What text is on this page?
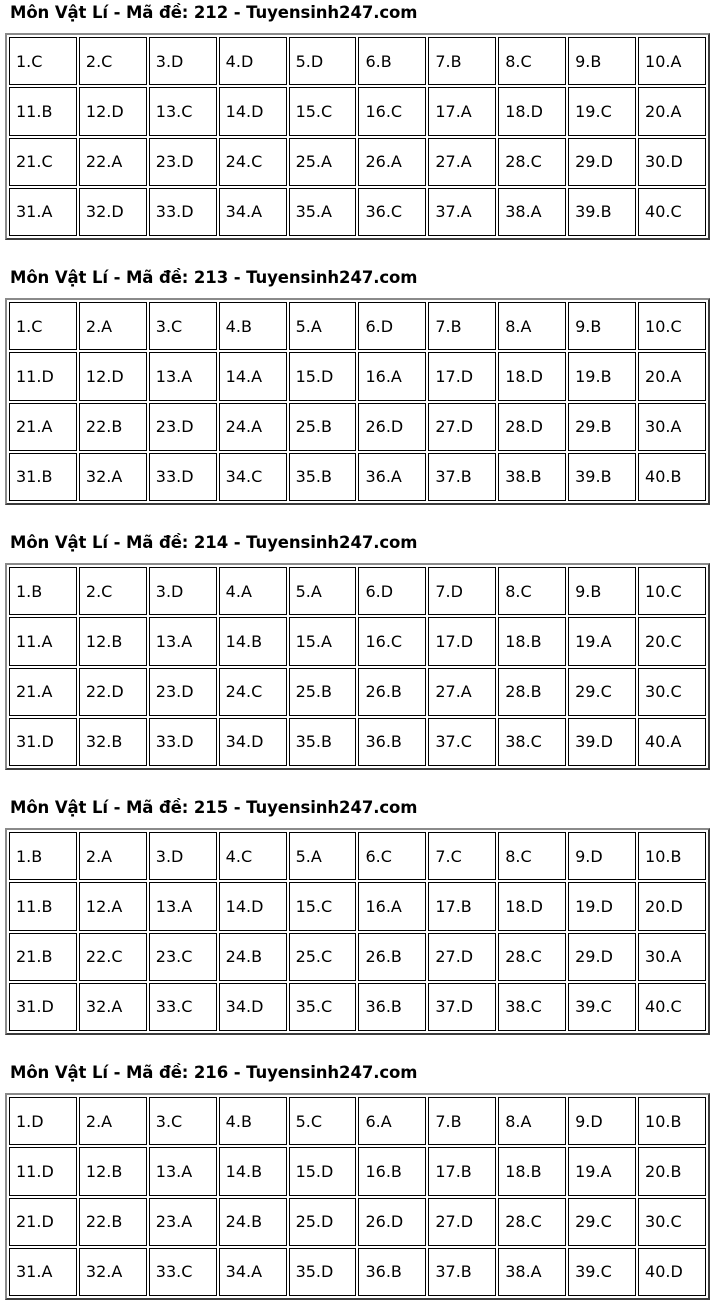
Môn Vật Lí - Mã đề: 212 - Tuyensinh247.com
1.C	2.C	3.D	4.D	5.D	6.B	7.B	8.C	9.B	10.A
11.B	12.D	13.C	14.D	15.C	16.C	17.A	18.D	19.C	20.A
21.C	22.A	23.D	24.C	25.A	26.A	27.A	28.C	29.D	30.D
31.A	32.D	33.D	34.A	35.A	36.C	37.A	38.A	39.B	40.C
Môn Vật Lí - Mã đề: 213 - Tuyensinh247.com
1.C	2.A	3.C	4.B	5.A	6.D	7.B	8.A	9.B	10.C
11.D	12.D	13.A	14.A	15.D	16.A	17.D	18.D	19.B	20.A
21.A	22.B	23.D	24.A	25.B	26.D	27.D	28.D	29.B	30.A
31.B	32.A	33.D	34.C	35.B	36.A	37.B	38.B	39.B	40.B
Môn Vật Lí - Mã đề: 214 - Tuyensinh247.com
1.B	2.C	3.D	4.A	5.A	6.D	7.D	8.C	9.B	10.C
11.A	12.B	13.A	14.B	15.A	16.C	17.D	18.B	19.A	20.C
21.A	22.D	23.D	24.C	25.B	26.B	27.A	28.B	29.C	30.C
31.D	32.B	33.D	34.D	35.B	36.B	37.C	38.C	39.D	40.A
Môn Vật Lí - Mã đề: 215 - Tuyensinh247.com
1.B	2.A	3.D	4.C	5.A	6.C	7.C	8.C	9.D	10.B
11.B	12.A	13.A	14.D	15.C	16.A	17.B	18.D	19.D	20.D
21.B	22.C	23.C	24.B	25.C	26.B	27.D	28.C	29.D	30.A
31.D	32.A	33.C	34.D	35.C	36.B	37.D	38.C	39.C	40.C
Môn Vật Lí - Mã đề: 216 - Tuyensinh247.com
1.D	2.A	3.C	4.B	5.C	6.A	7.B	8.A	9.D	10.B
11.D	12.B	13.A	14.B	15.D	16.B	17.B	18.B	19.A	20.B
21.D	22.B	23.A	24.B	25.D	26.D	27.D	28.C	29.C	30.C
31.A	32.A	33.C	34.A	35.D	36.B	37.B	38.A	39.C	40.D
